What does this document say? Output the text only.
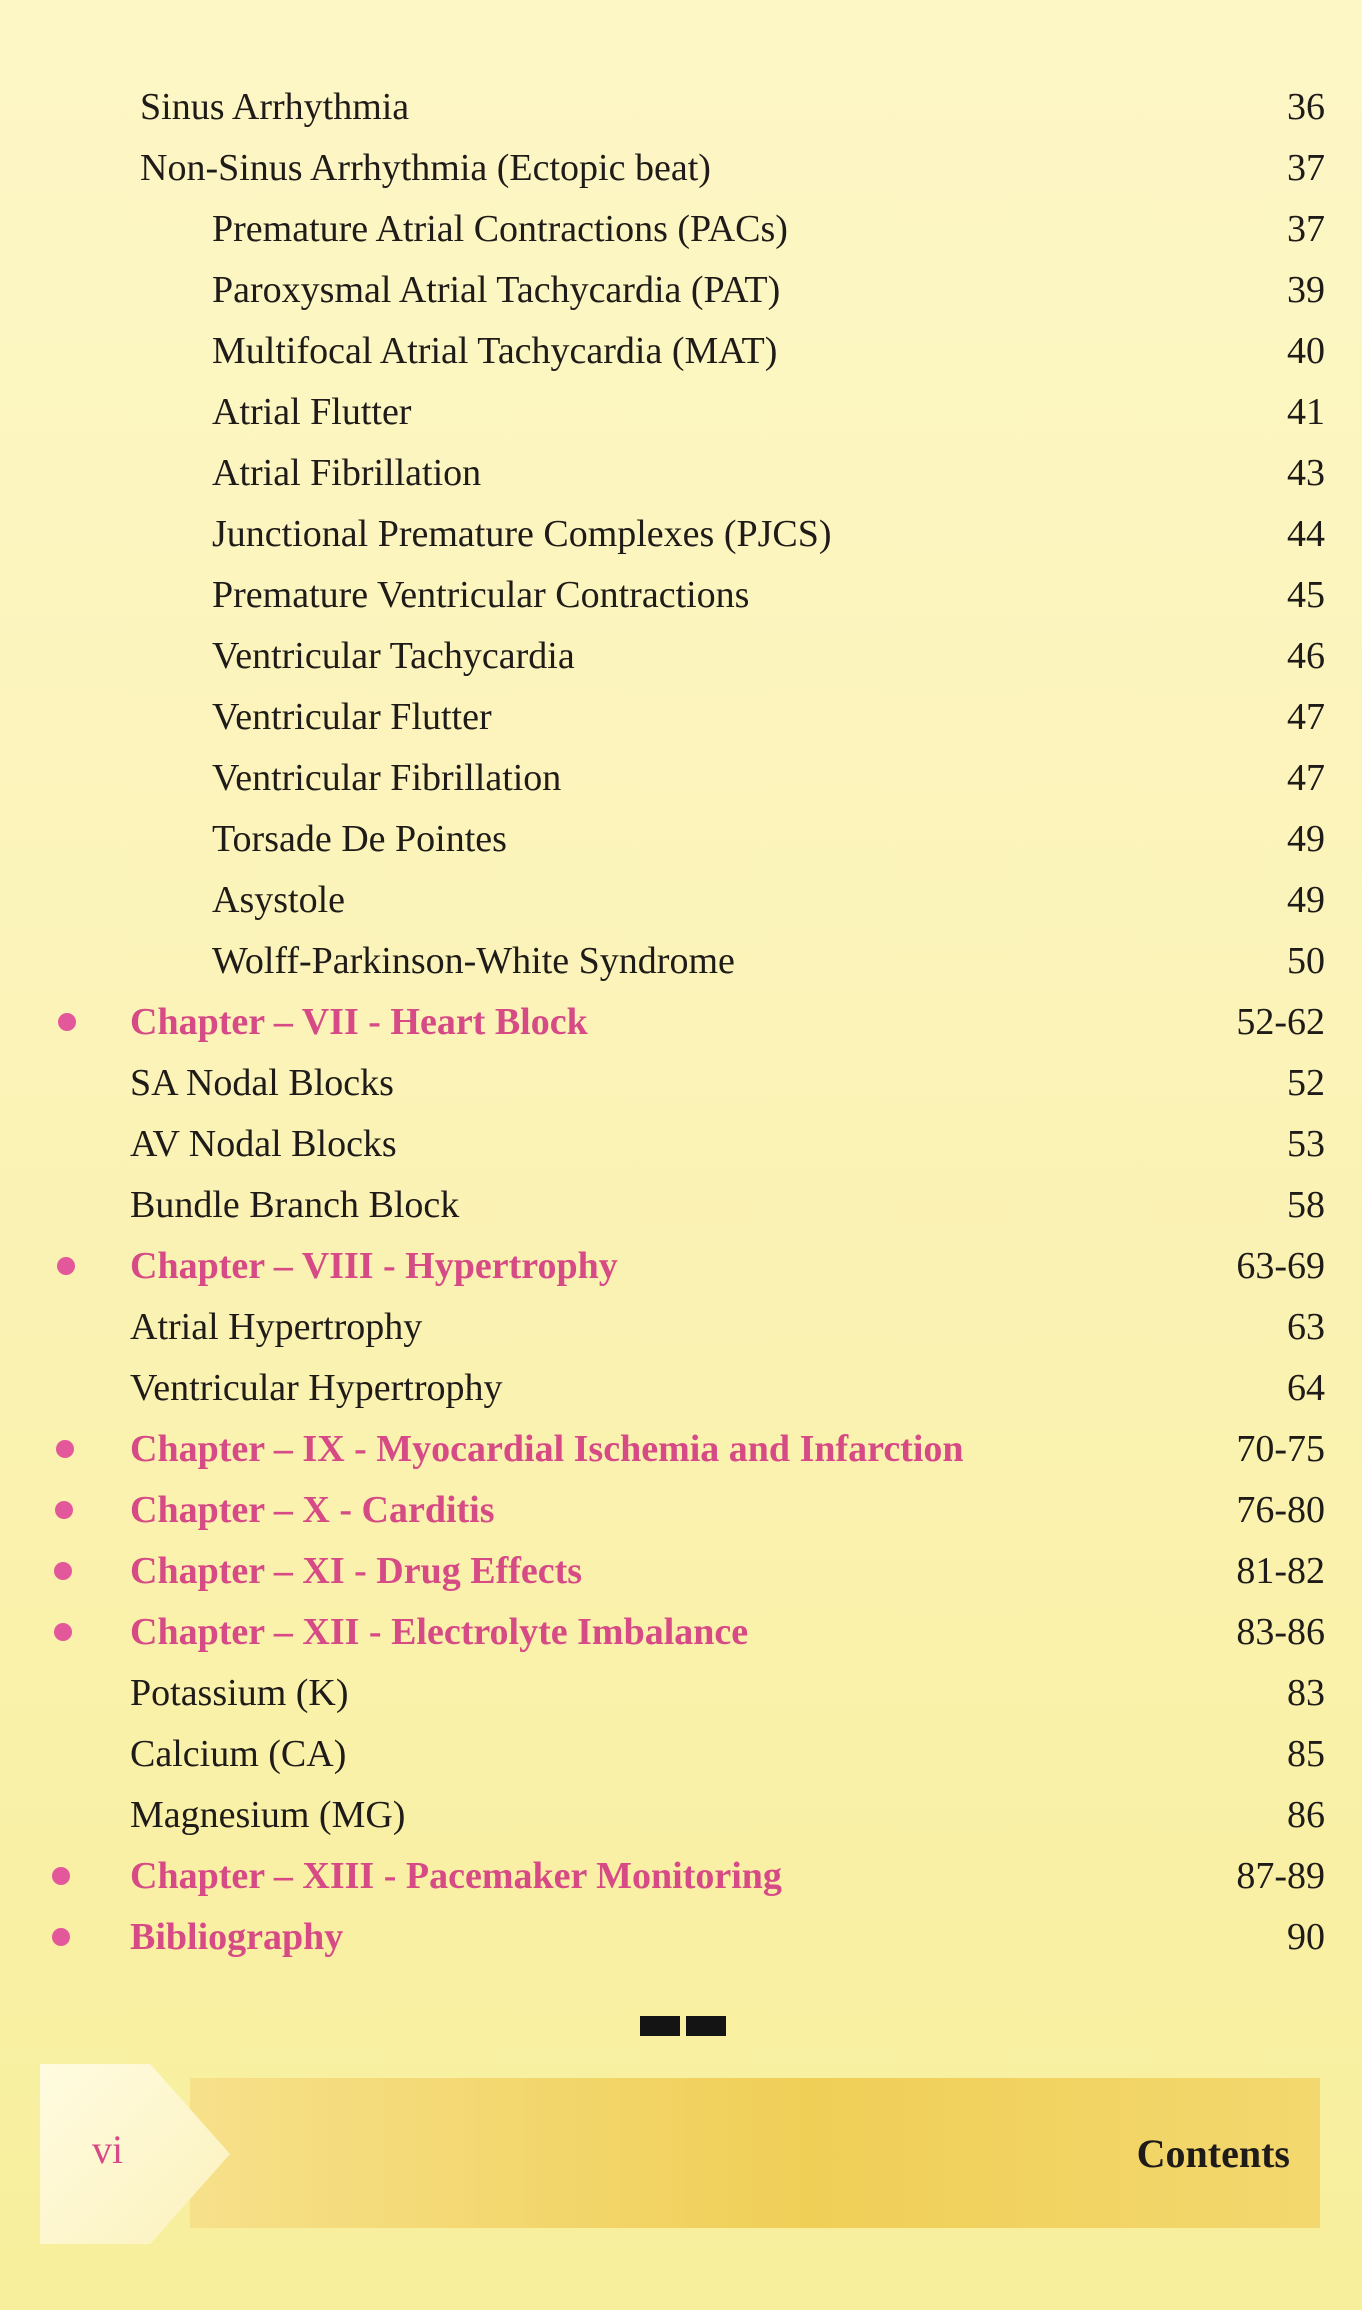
Sinus Arrhythmia	36
Non-Sinus Arrhythmia (Ectopic beat)	37
Premature Atrial Contractions (PACs)	37
Paroxysmal Atrial Tachycardia (PAT)	39
Multifocal Atrial Tachycardia (MAT)	40
Atrial Flutter	41
Atrial Fibrillation	43
Junctional Premature Complexes (PJCS)	44
Premature Ventricular Contractions	45
Ventricular Tachycardia	46
Ventricular Flutter	47
Ventricular Fibrillation	47
Torsade De Pointes	49
Asystole	49
Wolff-Parkinson-White Syndrome	50
Chapter – VII - Heart Block	52-62
SA Nodal Blocks	52
AV Nodal Blocks	53
Bundle Branch Block	58
Chapter – VIII - Hypertrophy	63-69
Atrial Hypertrophy	63
Ventricular Hypertrophy	64
Chapter – IX - Myocardial Ischemia and Infarction	70-75
Chapter – X - Carditis	76-80
Chapter – XI - Drug Effects	81-82
Chapter – XII - Electrolyte Imbalance	83-86
Potassium (K)	83
Calcium (CA)	85
Magnesium (MG)	86
Chapter – XIII - Pacemaker Monitoring	87-89
Bibliography	90
vi	Contents
